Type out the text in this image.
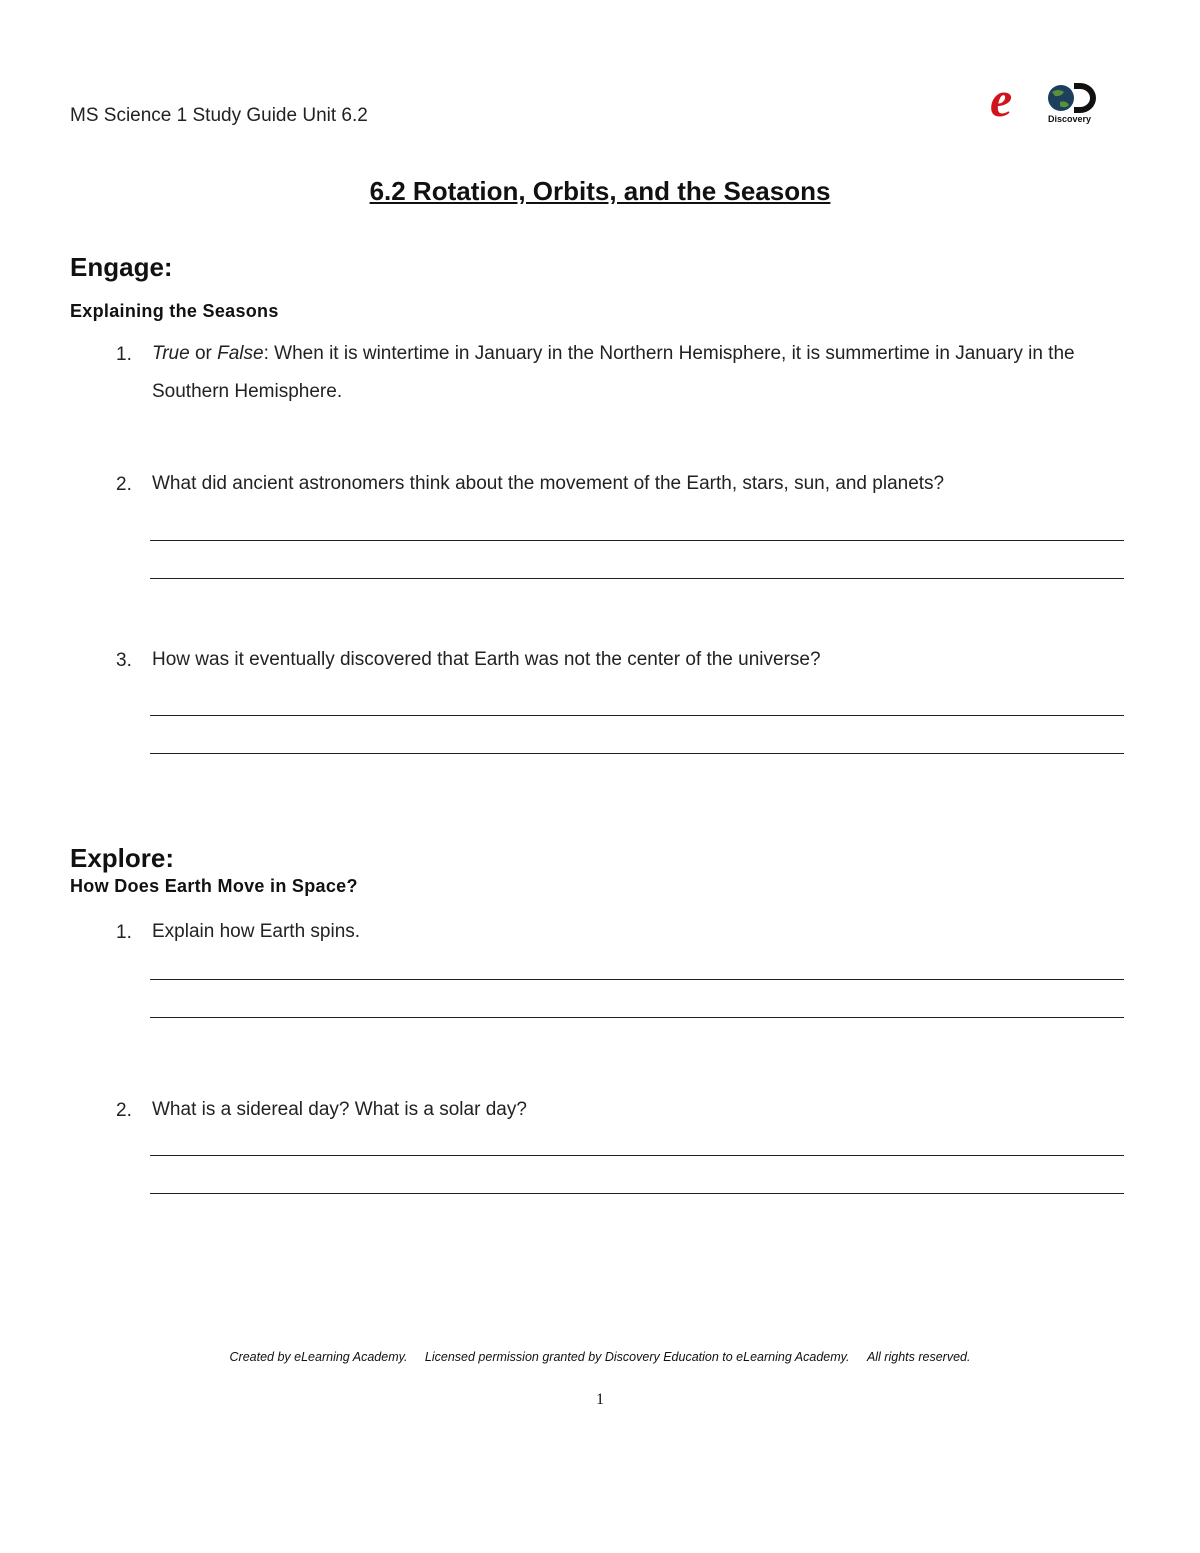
MS Science 1 Study Guide Unit 6.2	e	Discovery
6.2 Rotation, Orbits, and the Seasons
Engage:
Explaining the Seasons
1. True or False: When it is wintertime in January in the Northern Hemisphere, it is summertime in January in the Southern Hemisphere.
2. What did ancient astronomers think about the movement of the Earth, stars, sun, and planets?
3. How was it eventually discovered that Earth was not the center of the universe?
Explore:
How Does Earth Move in Space?
1. Explain how Earth spins.
2. What is a sidereal day? What is a solar day?
Created by eLearning Academy. Licensed permission granted by Discovery Education to eLearning Academy. All rights reserved.
1
